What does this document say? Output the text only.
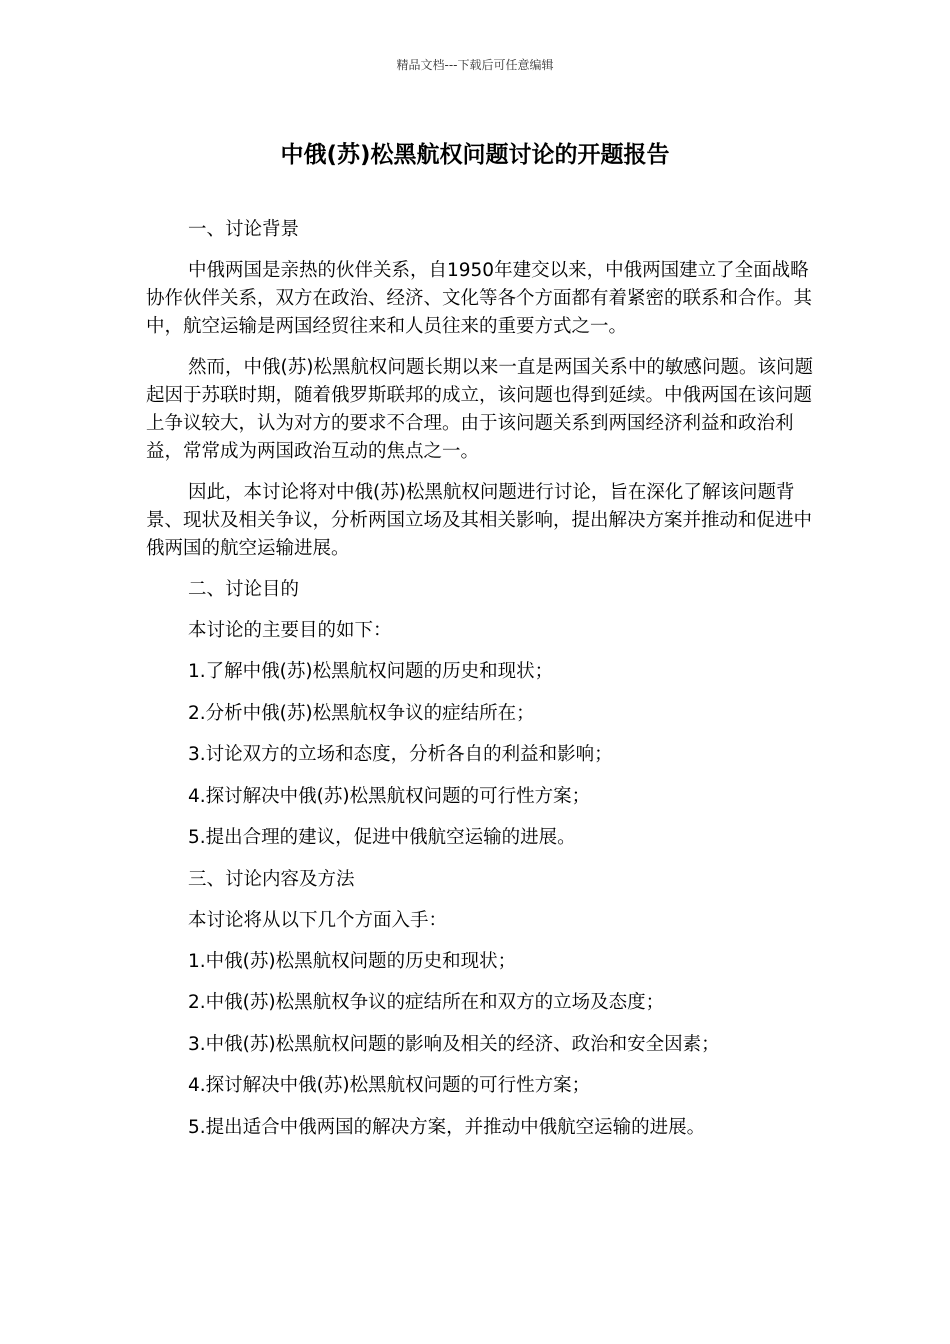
精品文档---下载后可任意编辑
中俄(苏)松黑航权问题讨论的开题报告

一、讨论背景

中俄两国是亲热的伙伴关系，自1950年建交以来，中俄两国建立了全面战略协作伙伴关系，双方在政治、经济、文化等各个方面都有着紧密的联系和合作。其中，航空运输是两国经贸往来和人员往来的重要方式之一。

然而，中俄(苏)松黑航权问题长期以来一直是两国关系中的敏感问题。该问题起因于苏联时期，随着俄罗斯联邦的成立，该问题也得到延续。中俄两国在该问题上争议较大，认为对方的要求不合理。由于该问题关系到两国经济利益和政治利益，常常成为两国政治互动的焦点之一。

因此，本讨论将对中俄(苏)松黑航权问题进行讨论，旨在深化了解该问题背景、现状及相关争议，分析两国立场及其相关影响，提出解决方案并推动和促进中俄两国的航空运输进展。

二、讨论目的

本讨论的主要目的如下：

1.了解中俄(苏)松黑航权问题的历史和现状；

2.分析中俄(苏)松黑航权争议的症结所在；

3.讨论双方的立场和态度，分析各自的利益和影响；

4.探讨解决中俄(苏)松黑航权问题的可行性方案；

5.提出合理的建议，促进中俄航空运输的进展。

三、讨论内容及方法

本讨论将从以下几个方面入手：

1.中俄(苏)松黑航权问题的历史和现状；

2.中俄(苏)松黑航权争议的症结所在和双方的立场及态度；

3.中俄(苏)松黑航权问题的影响及相关的经济、政治和安全因素；

4.探讨解决中俄(苏)松黑航权问题的可行性方案；

5.提出适合中俄两国的解决方案，并推动中俄航空运输的进展。
